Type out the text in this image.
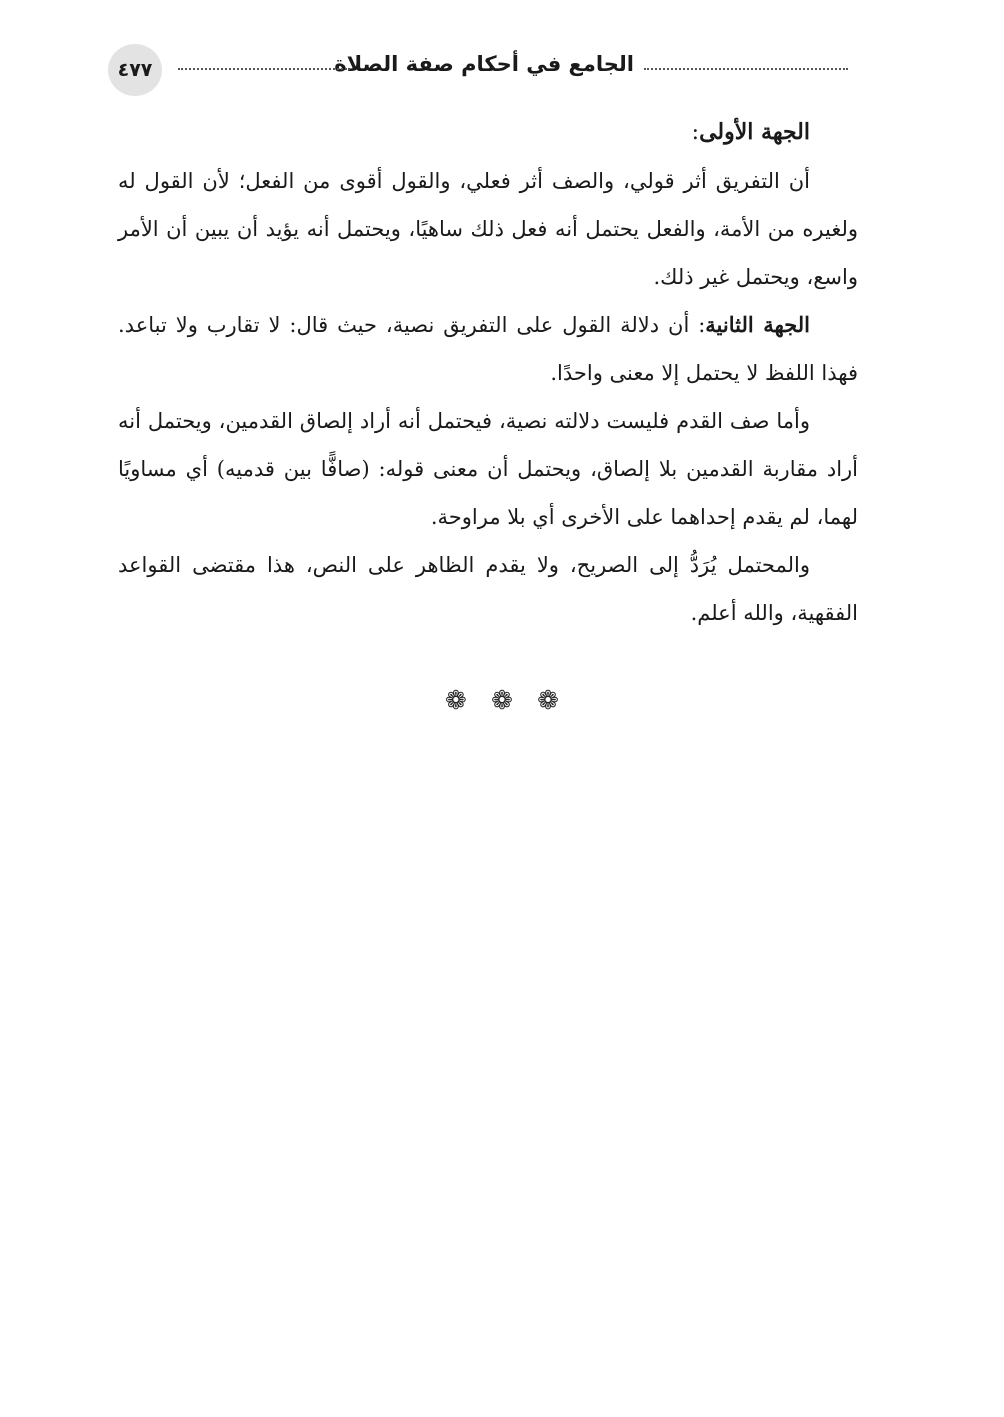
الجامع في أحكام صفة الصلاة
٤٧٧

الجهة الأولى:

أن التفريق أثر قولي، والصف أثر فعلي، والقول أقوى من الفعل؛ لأن القول له ولغيره من الأمة، والفعل يحتمل أنه فعل ذلك ساهيًا، ويحتمل أنه يؤيد أن يبين أن الأمر واسع، ويحتمل غير ذلك.

الجهة الثانية: أن دلالة القول على التفريق نصية، حيث قال: لا تقارب ولا تباعد. فهذا اللفظ لا يحتمل إلا معنى واحدًا.

وأما صف القدم فليست دلالته نصية، فيحتمل أنه أراد إلصاق القدمين، ويحتمل أنه أراد مقاربة القدمين بلا إلصاق، ويحتمل أن معنى قوله: (صافًّا بين قدميه) أي مساويًا لهما، لم يقدم إحداهما على الأخرى أي بلا مراوحة.

والمحتمل يُرَدُّ إلى الصريح، ولا يقدم الظاهر على النص، هذا مقتضى القواعد الفقهية، والله أعلم.

❁ ❁ ❁
